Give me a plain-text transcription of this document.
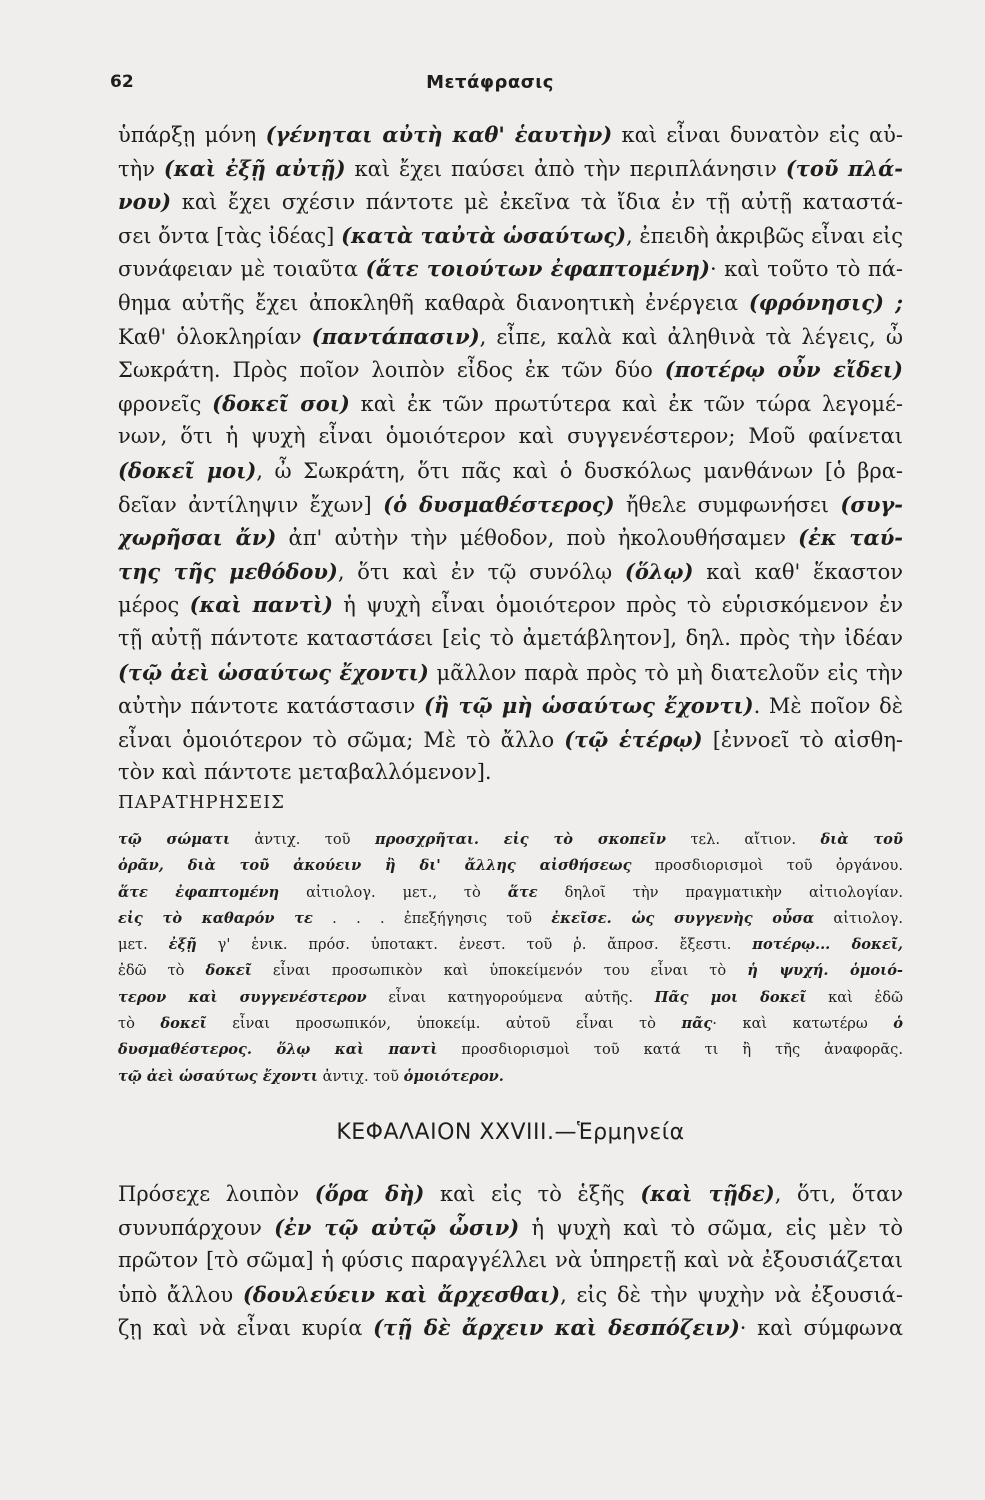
62	Μετάφρασις
ὑπάρξῃ μόνη (γένηται αὐτὴ καθ' ἑαυτὴν) καὶ εἶναι δυνατὸν εἰς αὐ-
τὴν (καὶ ἐξῇ αὐτῇ) καὶ ἔχει παύσει ἀπὸ τὴν περιπλάνησιν (τοῦ πλά-
νου) καὶ ἔχει σχέσιν πάντοτε μὲ ἐκεῖνα τὰ ἴδια ἐν τῇ αὐτῇ καταστά-
σει ὄντα [τὰς ἰδέας] (κατὰ ταὐτὰ ὡσαύτως), ἐπειδὴ ἀκριβῶς εἶναι εἰς
συνάφειαν μὲ τοιαῦτα (ἅτε τοιούτων ἐφαπτομένη)· καὶ τοῦτο τὸ πά-
θημα αὐτῆς ἔχει ἀποκληθῆ καθαρὰ διανοητικὴ ἐνέργεια (φρόνησις) ;
Καθ' ὁλοκληρίαν (παντάπασιν), εἶπε, καλὰ καὶ ἀληθινὰ τὰ λέγεις, ὦ
Σωκράτη. Πρὸς ποῖον λοιπὸν εἶδος ἐκ τῶν δύο (ποτέρῳ οὖν εἴδει)
φρονεῖς (δοκεῖ σοι) καὶ ἐκ τῶν πρωτύτερα καὶ ἐκ τῶν τώρα λεγομέ-
νων, ὅτι ἡ ψυχὴ εἶναι ὁμοιότερον καὶ συγγενέστερον; Μοῦ φαίνεται
(δοκεῖ μοι), ὦ Σωκράτη, ὅτι πᾶς καὶ ὁ δυσκόλως μανθάνων [ὁ βρα-
δεῖαν ἀντίληψιν ἔχων] (ὁ δυσμαθέστερος) ἤθελε συμφωνήσει (συγ-
χωρῆσαι ἄν) ἀπ' αὐτὴν τὴν μέθοδον, ποὺ ἠκολουθήσαμεν (ἐκ ταύ-
της τῆς μεθόδου), ὅτι καὶ ἐν τῷ συνόλῳ (ὅλῳ) καὶ καθ' ἕκαστον
μέρος (καὶ παντὶ) ἡ ψυχὴ εἶναι ὁμοιότερον πρὸς τὸ εὑρισκόμενον ἐν
τῇ αὐτῇ πάντοτε καταστάσει [εἰς τὸ ἀμετάβλητον], δηλ. πρὸς τὴν ἰδέαν
(τῷ ἀεὶ ὡσαύτως ἔχοντι) μᾶλλον παρὰ πρὸς τὸ μὴ διατελοῦν εἰς τὴν
αὐτὴν πάντοτε κατάστασιν (ἢ τῷ μὴ ὡσαύτως ἔχοντι). Μὲ ποῖον δὲ
εἶναι ὁμοιότερον τὸ σῶμα; Μὲ τὸ ἄλλο (τῷ ἑτέρῳ) [ἐννοεῖ τὸ αἰσθη-
τὸν καὶ πάντοτε μεταβαλλόμενον].
ΠΑΡΑΤΗΡΗΣΕΙΣ
τῷ σώματι ἀντιχ. τοῦ προσχρῆται. εἰς τὸ σκοπεῖν τελ. αἴτιον. διὰ τοῦ
ὁρᾶν, διὰ τοῦ ἀκούειν ἢ δι' ἄλλης αἰσθήσεως προσδιορισμοὶ τοῦ ὀργάνου.
ἅτε ἐφαπτομένη αἰτιολογ. μετ., τὸ ἅτε δηλοῖ τὴν πραγματικὴν αἰτιολογίαν.
εἰς τὸ καθαρόν τε . . . ἐπεξήγησις τοῦ ἐκεῖσε. ὡς συγγενὴς οὖσα αἰτιολογ.
μετ. ἐξῇ γ' ἑνικ. πρόσ. ὑποτακτ. ἐνεστ. τοῦ ῥ. ἄπροσ. ἔξεστι. ποτέρῳ... δοκεῖ,
ἐδῶ τὸ δοκεῖ εἶναι προσωπικὸν καὶ ὑποκείμενόν του εἶναι τὸ ἡ ψυχή. ὁμοιό-
τερον καὶ συγγενέστερον εἶναι κατηγορούμενα αὐτῆς. Πᾶς μοι δοκεῖ καὶ ἐδῶ
τὸ δοκεῖ εἶναι προσωπικόν, ὑποκείμ. αὐτοῦ εἶναι τὸ πᾶς· καὶ κατωτέρω ὁ
δυσμαθέστερος. ὅλῳ καὶ παντὶ προσδιορισμοὶ τοῦ κατά τι ἢ τῆς ἀναφορᾶς.
τῷ ἀεὶ ὡσαύτως ἔχοντι ἀντιχ. τοῦ ὁμοιότερον.
ΚΕΦΑΛΑΙΟΝ XXVIII.—Ἑρμηνεία
Πρόσεχε λοιπὸν (ὅρα δὴ) καὶ εἰς τὸ ἑξῆς (καὶ τῇδε), ὅτι, ὅταν
συνυπάρχουν (ἐν τῷ αὐτῷ ὦσιν) ἡ ψυχὴ καὶ τὸ σῶμα, εἰς μὲν τὸ
πρῶτον [τὸ σῶμα] ἡ φύσις παραγγέλλει νὰ ὑπηρετῇ καὶ νὰ ἐξουσιάζεται
ὑπὸ ἄλλου (δουλεύειν καὶ ἄρχεσθαι), εἰς δὲ τὴν ψυχὴν νὰ ἐξουσιά-
ζῃ καὶ νὰ εἶναι κυρία (τῇ δὲ ἄρχειν καὶ δεσπόζειν)· καὶ σύμφωνα
